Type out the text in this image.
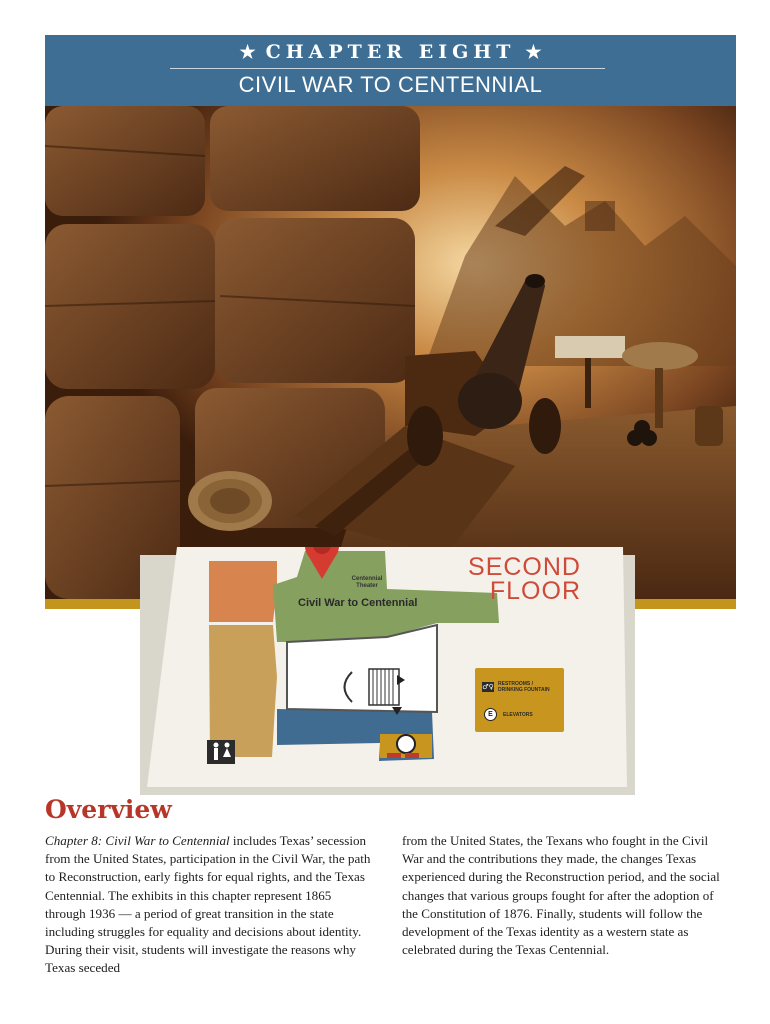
★ CHAPTER EIGHT ★
CIVIL WAR TO CENTENNIAL
SECOND
FLOOR
Centennial
Theater
Civil War to Centennial
♂♀ RESTROOMS /
DRINKING FOUNTAIN
E	ELEVATORS
Overview
Chapter 8: Civil War to Centennial includes Texas’ secession from the United States, participation in the Civil War, the path to Reconstruction, early fights for equal rights, and the Texas Centennial. The exhibits in this chapter represent 1865 through 1936 — a period of great transition in the state including struggles for equality and decisions about identity. During their visit, students will investigate the reasons why Texas seceded
from the United States, the Texans who fought in the Civil War and the contributions they made, the changes Texas experienced during the Reconstruction period, and the social changes that various groups fought for after the adoption of the Constitution of 1876. Finally, students will follow the development of the Texas identity as a western state as celebrated during the Texas Centennial.
